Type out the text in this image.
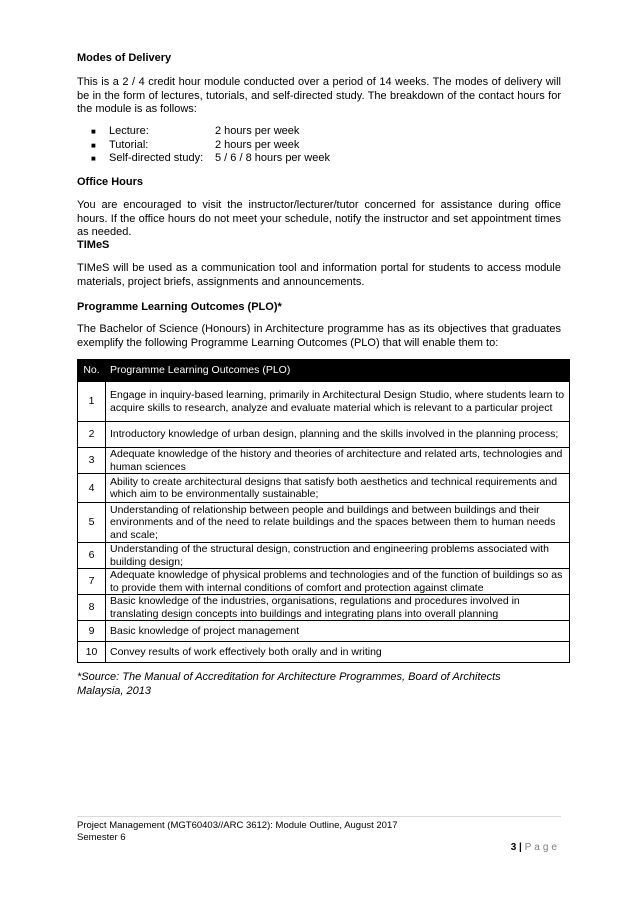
Modes of Delivery
This is a 2 / 4 credit hour module conducted over a period of 14 weeks. The modes of delivery will be in the form of lectures, tutorials, and self-directed study. The breakdown of the contact hours for the module is as follows:
■	Lecture:	2 hours per week
■	Tutorial:	2 hours per week
■	Self-directed study:	5 / 6 / 8 hours per week
Office Hours
You are encouraged to visit the instructor/lecturer/tutor concerned for assistance during office hours. If the office hours do not meet your schedule, notify the instructor and set appointment times as needed.
TIMeS
TIMeS will be used as a communication tool and information portal for students to access module materials, project briefs, assignments and announcements.
Programme Learning Outcomes (PLO)*
The Bachelor of Science (Honours) in Architecture programme has as its objectives that graduates exemplify the following Programme Learning Outcomes (PLO) that will enable them to:
No.	Programme Learning Outcomes (PLO)
1	Engage in inquiry-based learning, primarily in Architectural Design Studio, where students learn to acquire skills to research, analyze and evaluate material which is relevant to a particular project
2	Introductory knowledge of urban design, planning and the skills involved in the planning process;
3	Adequate knowledge of the history and theories of architecture and related arts, technologies and human sciences
4	Ability to create architectural designs that satisfy both aesthetics and technical requirements and which aim to be environmentally sustainable;
5	Understanding of relationship between people and buildings and between buildings and their environments and of the need to relate buildings and the spaces between them to human needs and scale;
6	Understanding of the structural design, construction and engineering problems associated with building design;
7	Adequate knowledge of physical problems and technologies and of the function of buildings so as to provide them with internal conditions of comfort and protection against climate
8	Basic knowledge of the industries, organisations, regulations and procedures involved in translating design concepts into buildings and integrating plans into overall planning
9	Basic knowledge of project management
10	Convey results of work effectively both orally and in writing
*Source: The Manual of Accreditation for Architecture Programmes, Board of Architects Malaysia, 2013
Project Management (MGT60403//ARC 3612): Module Outline, August 2017
Semester 6
3 | Page
